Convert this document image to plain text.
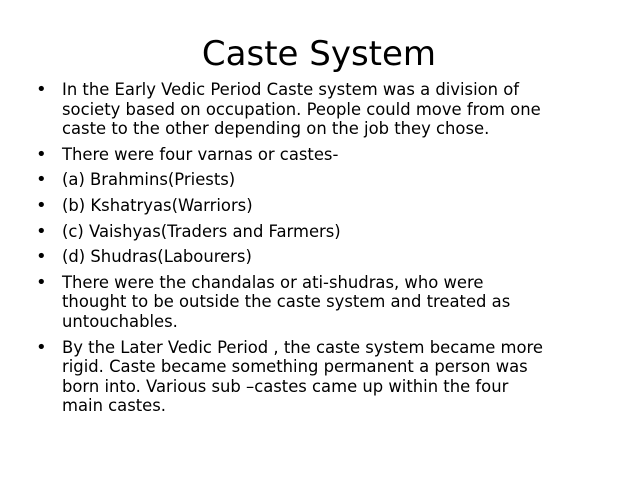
Caste System
• In the Early Vedic Period Caste system was a division of
society based on occupation. People could move from one
caste to the other depending on the job they chose.
• There were four varnas or castes-
• (a) Brahmins(Priests)
• (b) Kshatryas(Warriors)
• (c) Vaishyas(Traders and Farmers)
• (d) Shudras(Labourers)
• There were the chandalas or ati-shudras, who were
thought to be outside the caste system and treated as
untouchables.
• By the Later Vedic Period , the caste system became more
rigid. Caste became something permanent a person was
born into. Various sub –castes came up within the four
main castes.
